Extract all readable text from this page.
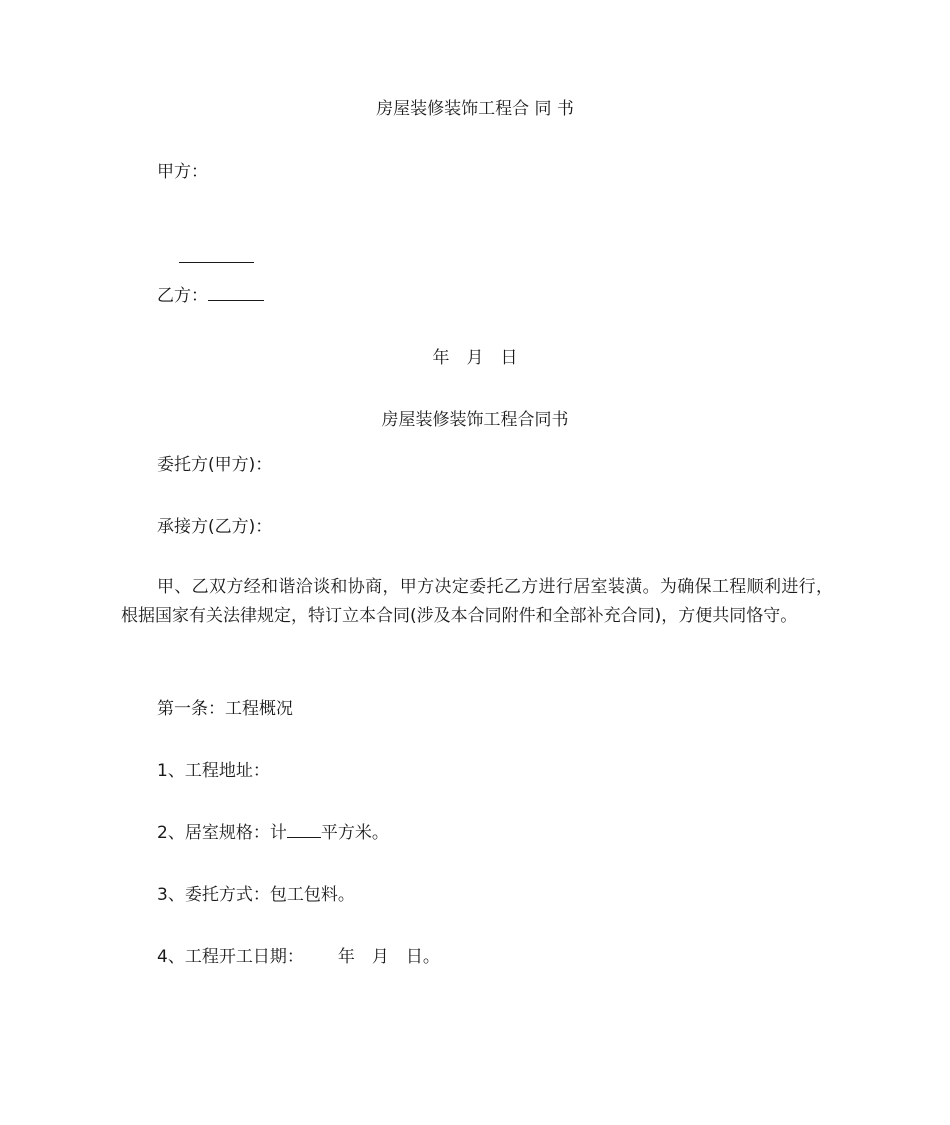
房屋装修装饰工程合 同 书
甲方：

乙方：
年　月　日
房屋装修装饰工程合同书
委托方(甲方)：
承接方(乙方)：
甲、乙双方经和谐洽谈和协商，甲方决定委托乙方进行居室装潢。为确保工程顺利进行，根据国家有关法律规定，特订立本合同(涉及本合同附件和全部补充合同)，方便共同恪守。
第一条：工程概况
1、工程地址：
2、居室规格：计 平方米。
3、委托方式：包工包料。
4、工程开工日期： 年　月　日。
